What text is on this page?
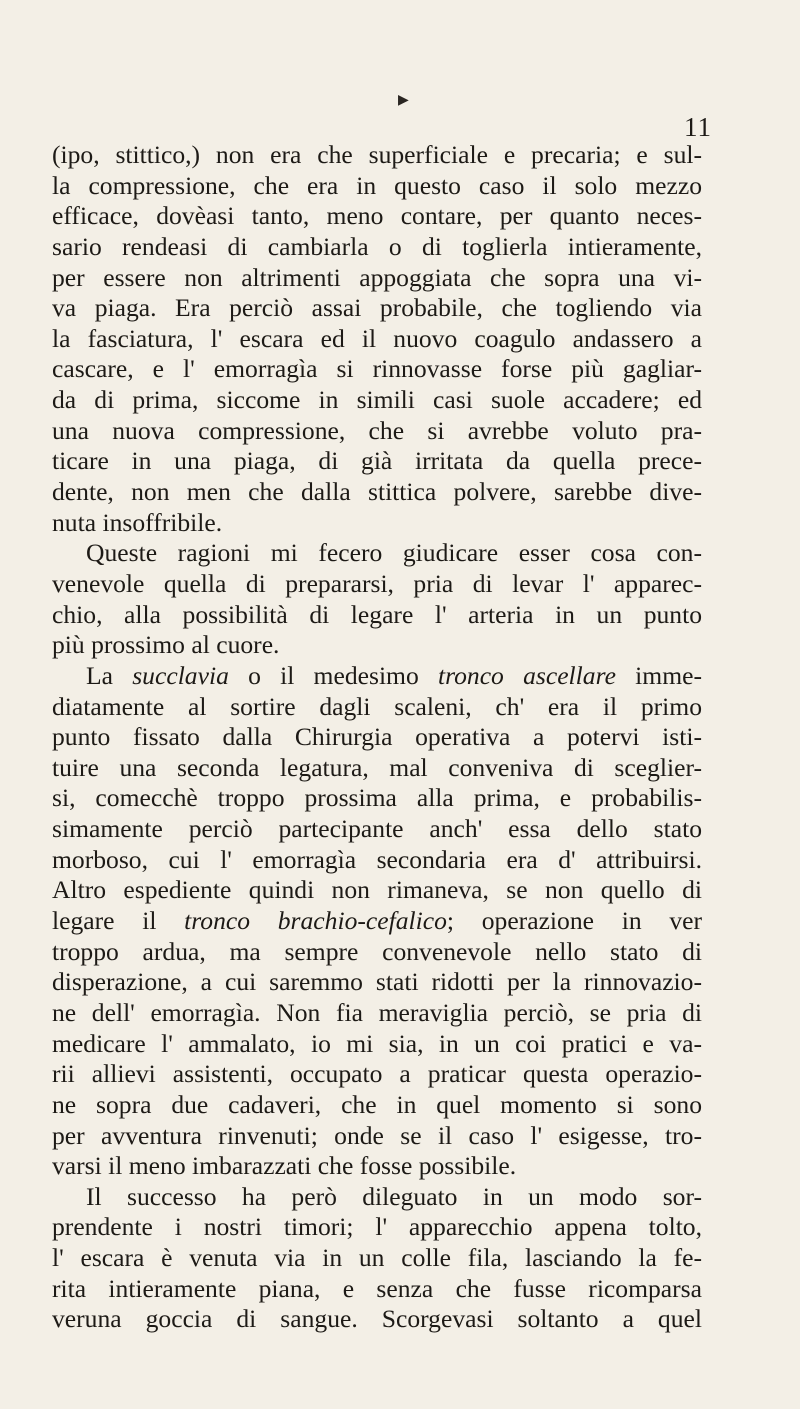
▶
11
(ipo, stittico,) non era che superficiale e precaria; e sul-
la compressione, che era in questo caso il solo mezzo
efficace, dovèasi tanto, meno contare, per quanto neces-
sario rendeasi di cambiarla o di toglierla intieramente,
per essere non altrimenti appoggiata che sopra una vi-
va piaga. Era perciò assai probabile, che togliendo via
la fasciatura, l' escara ed il nuovo coagulo andassero a
cascare, e l' emorragìa si rinnovasse forse più gagliar-
da di prima, siccome in simili casi suole accadere; ed
una nuova compressione, che si avrebbe voluto pra-
ticare in una piaga, di già irritata da quella prece-
dente, non men che dalla stittica polvere, sarebbe dive-
nuta insoffribile.
Queste ragioni mi fecero giudicare esser cosa con-
venevole quella di prepararsi, pria di levar l' apparec-
chio, alla possibilità di legare l' arteria in un punto
più prossimo al cuore.
La succlavia o il medesimo tronco ascellare imme-
diatamente al sortire dagli scaleni, ch' era il primo
punto fissato dalla Chirurgia operativa a potervi isti-
tuire una seconda legatura, mal conveniva di sceglier-
si, comecchè troppo prossima alla prima, e probabilis-
simamente perciò partecipante anch' essa dello stato
morboso, cui l' emorragìa secondaria era d' attribuirsi.
Altro espediente quindi non rimaneva, se non quello di
legare il tronco brachio-cefalico; operazione in ver
troppo ardua, ma sempre convenevole nello stato di
disperazione, a cui saremmo stati ridotti per la rinnovazio-
ne dell' emorragìa. Non fia meraviglia perciò, se pria di
medicare l' ammalato, io mi sia, in un coi pratici e va-
rii allievi assistenti, occupato a praticar questa operazio-
ne sopra due cadaveri, che in quel momento si sono
per avventura rinvenuti; onde se il caso l' esigesse, tro-
varsi il meno imbarazzati che fosse possibile.
Il successo ha però dileguato in un modo sor-
prendente i nostri timori; l' apparecchio appena tolto,
l' escara è venuta via in un colle fila, lasciando la fe-
rita intieramente piana, e senza che fusse ricomparsa
veruna goccia di sangue. Scorgevasi soltanto a quel
